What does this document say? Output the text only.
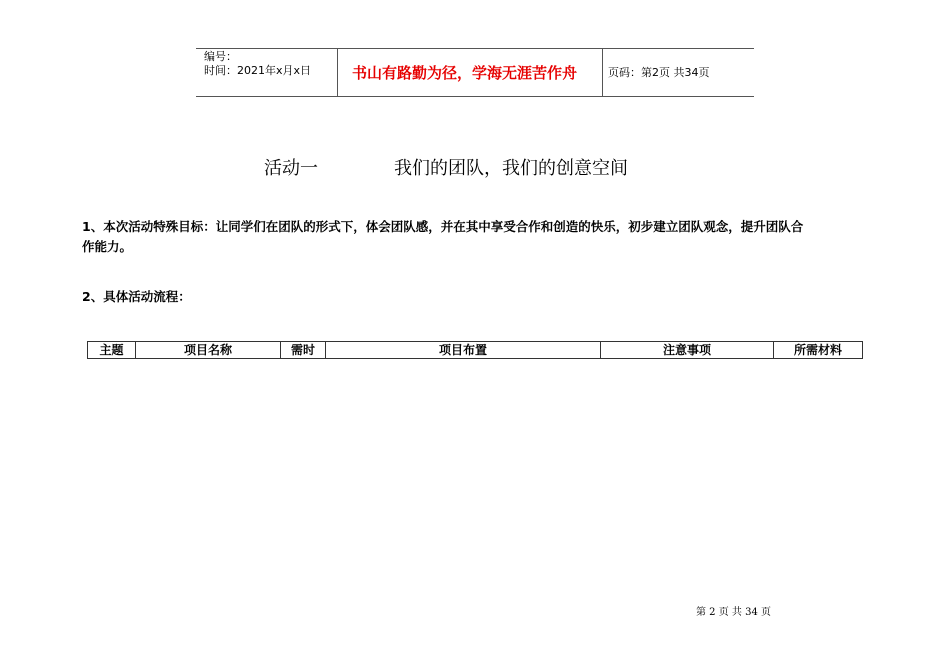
编号：
时间：2021年x月x日	书山有路勤为径，学海无涯苦作舟	页码：第2页 共34页
活动一	我们的团队，我们的创意空间
1、本次活动特殊目标：让同学们在团队的形式下，体会团队感，并在其中享受合作和创造的快乐，初步建立团队观念，提升团队合
作能力。
2、具体活动流程：
主题	项目名称	需时	项目布置	注意事项	所需材料
第 2 页 共 34 页
